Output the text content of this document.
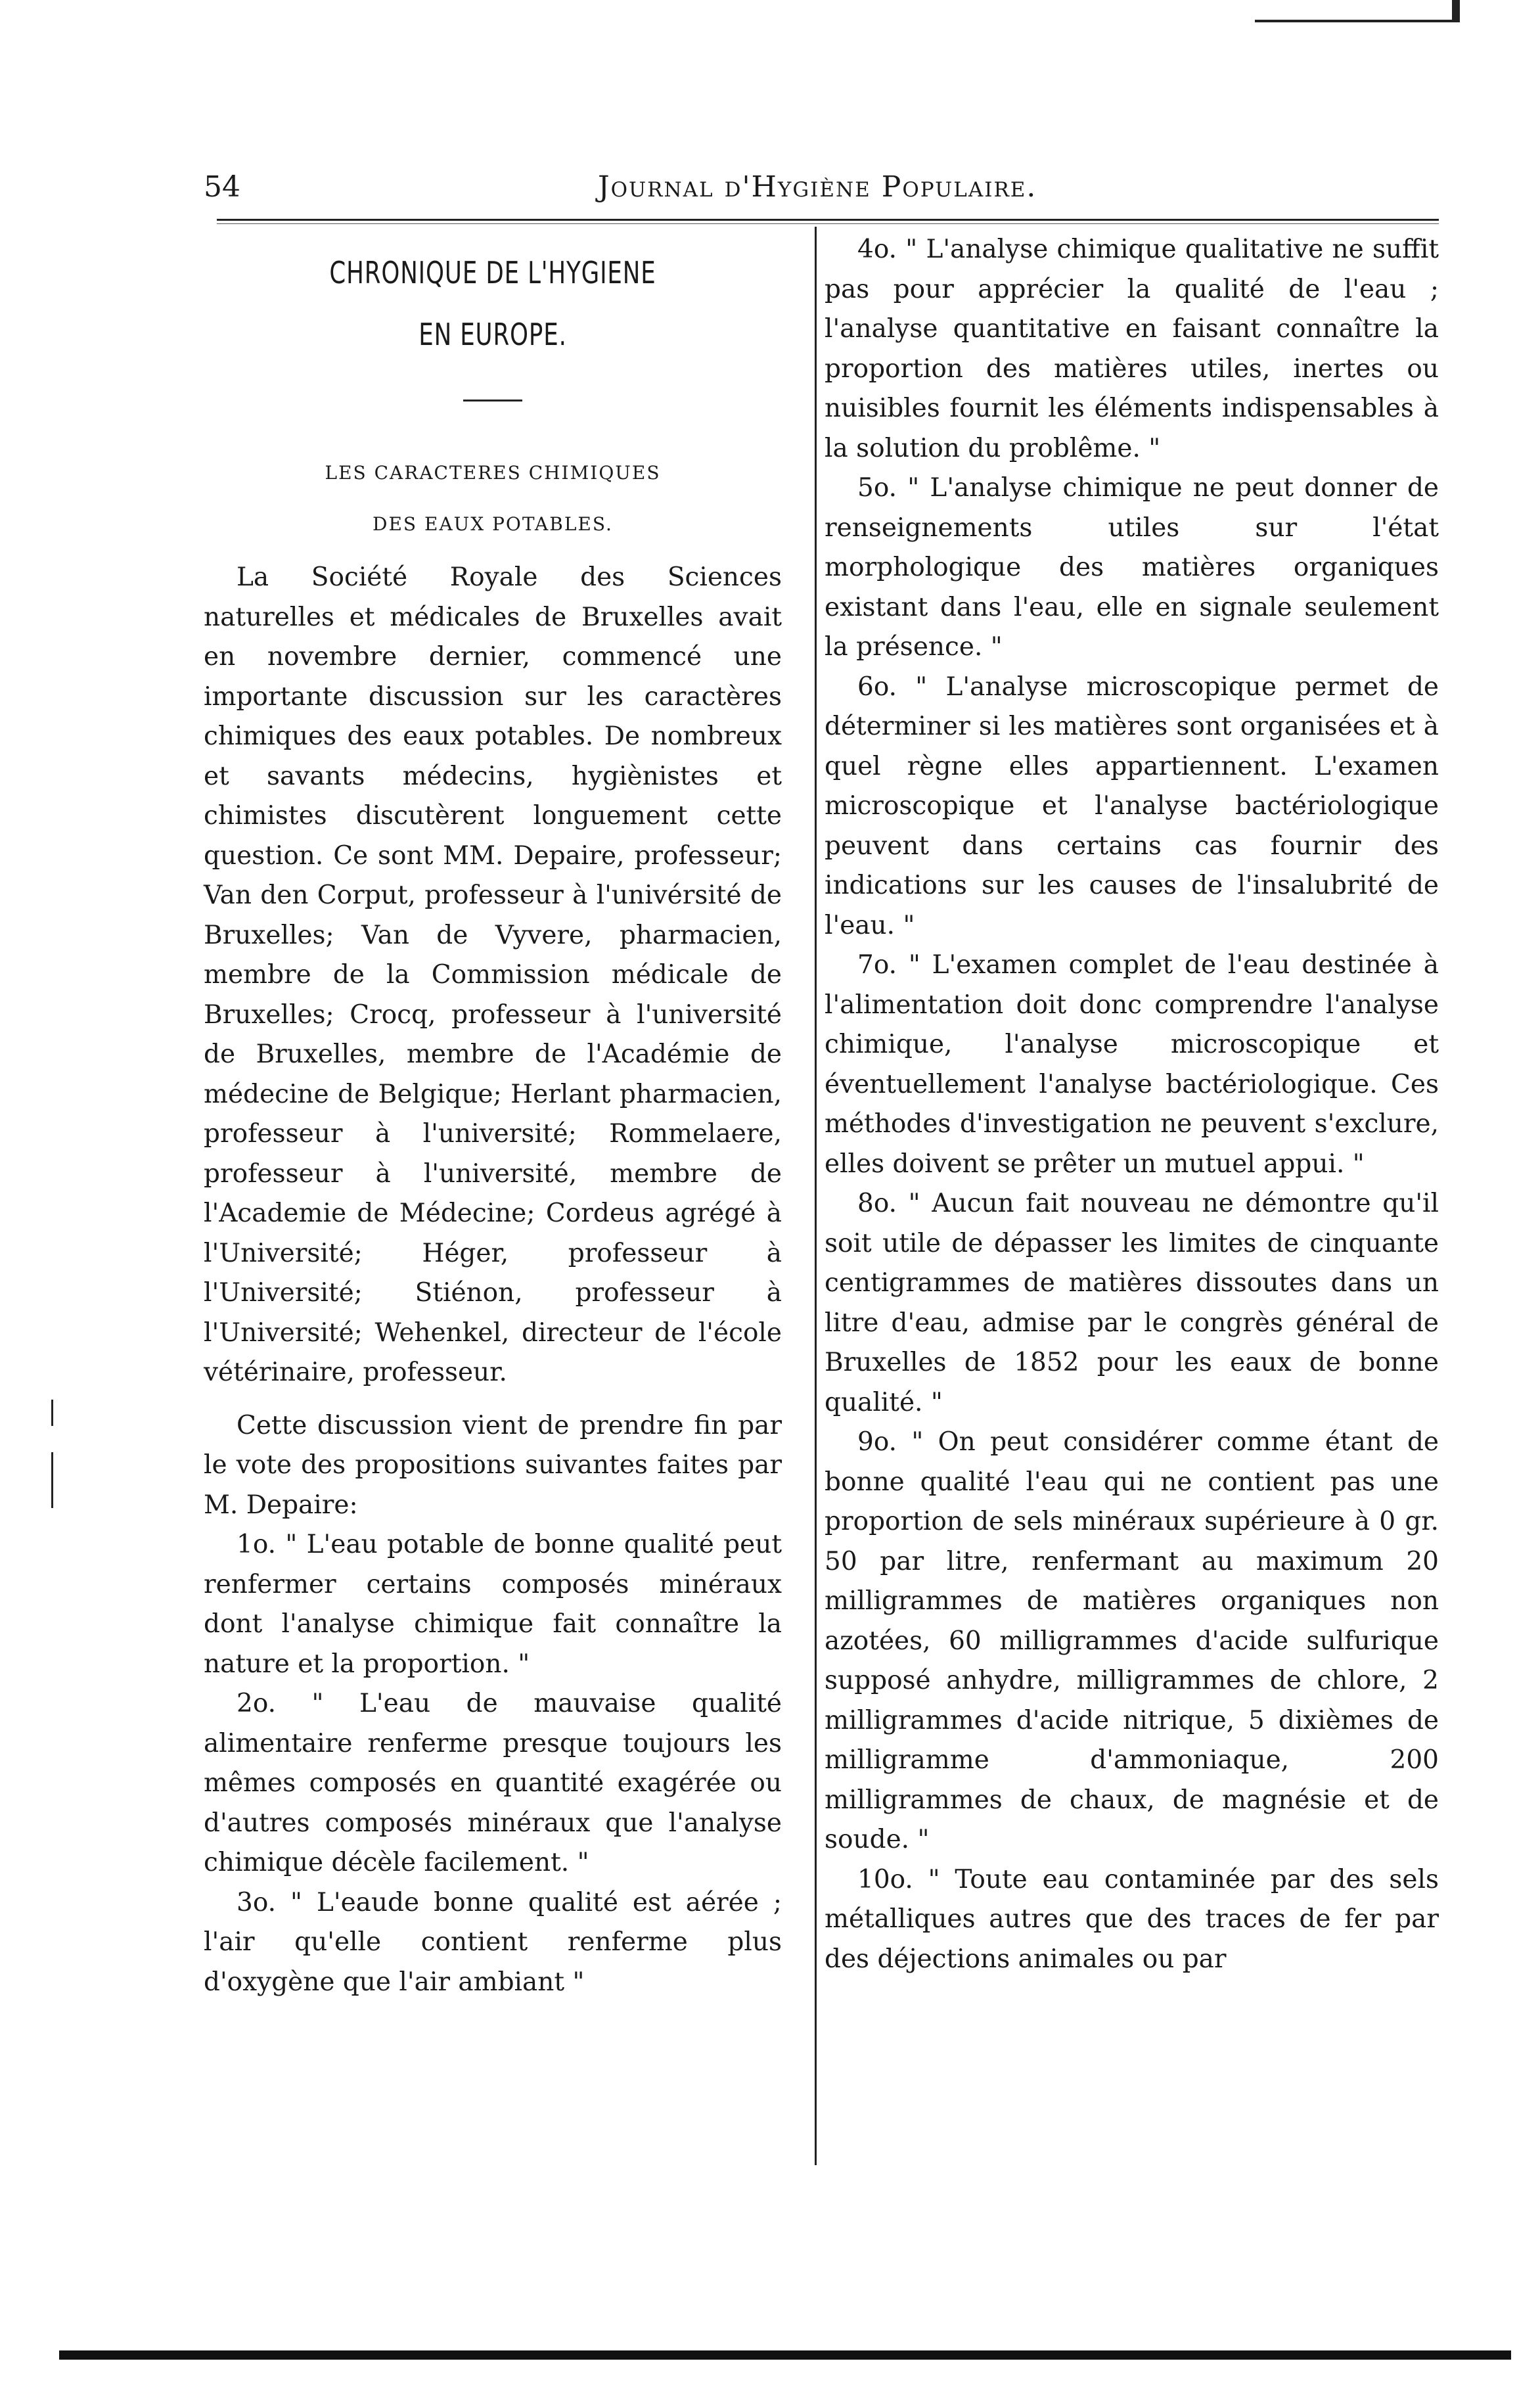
54	Journal d'Hygiène Populaire.
CHRONIQUE DE L'HYGIENE
EN EUROPE.
LES CARACTERES CHIMIQUES
DES EAUX POTABLES.

La Société Royale des Sciences naturelles et médicales de Bruxelles avait en novembre dernier, commencé une importante discussion sur les caractères chimiques des eaux potables. De nombreux et savants médecins, hygiènistes et chimistes discutèrent longuement cette question. Ce sont MM. Depaire, professeur; Van den Corput, professeur à l'univérsité de Bruxelles; Van de Vyvere, pharmacien, membre de la Commission médicale de Bruxelles; Crocq, professeur à l'université de Bruxelles, membre de l'Académie de médecine de Belgique; Herlant pharmacien, professeur à l'université; Rommelaere, professeur à l'université, membre de l'Academie de Médecine; Cordeus agrégé à l'Université; Héger, professeur à l'Université; Stiénon, professeur à l'Université; Wehenkel, directeur de l'école vétérinaire, professeur.

Cette discussion vient de prendre fin par le vote des propositions suivantes faites par M. Depaire:

1o. " L'eau potable de bonne qualité peut renfermer certains composés minéraux dont l'analyse chimique fait connaître la nature et la proportion. "

2o. " L'eau de mauvaise qualité alimentaire renferme presque toujours les mêmes composés en quantité exagérée ou d'autres composés minéraux que l'analyse chimique décèle facilement. "

3o. " L'eaude bonne qualité est aérée ; l'air qu'elle contient renferme plus d'oxygène que l'air ambiant "

4o. " L'analyse chimique qualitative ne suffit pas pour apprécier la qualité de l'eau ; l'analyse quantitative en faisant connaître la proportion des matières utiles, inertes ou nuisibles fournit les éléments indispensables à la solution du problême. "

5o. " L'analyse chimique ne peut donner de renseignements utiles sur l'état morphologique des matières organiques existant dans l'eau, elle en signale seulement la présence. "

6o. " L'analyse microscopique permet de déterminer si les matières sont organisées et à quel règne elles appartiennent. L'examen microscopique et l'analyse bactériologique peuvent dans certains cas fournir des indications sur les causes de l'insalubrité de l'eau. "

7o. " L'examen complet de l'eau destinée à l'alimentation doit donc comprendre l'analyse chimique, l'analyse microscopique et éventuellement l'analyse bactériologique. Ces méthodes d'investigation ne peuvent s'exclure, elles doivent se prêter un mutuel appui. "

8o. " Aucun fait nouveau ne démontre qu'il soit utile de dépasser les limites de cinquante centigrammes de matières dissoutes dans un litre d'eau, admise par le congrès général de Bruxelles de 1852 pour les eaux de bonne qualité. "

9o. " On peut considérer comme étant de bonne qualité l'eau qui ne contient pas une proportion de sels minéraux supérieure à 0 gr. 50 par litre, renfermant au maximum 20 milligrammes de matières organiques non azotées, 60 milligrammes d'acide sulfurique supposé anhydre, milligrammes de chlore, 2 milligrammes d'acide nitrique, 5 dixièmes de milligramme d'ammoniaque, 200 milligrammes de chaux, de magnésie et de soude. "

10o. " Toute eau contaminée par des sels métalliques autres que des traces de fer par des déjections animales ou par
